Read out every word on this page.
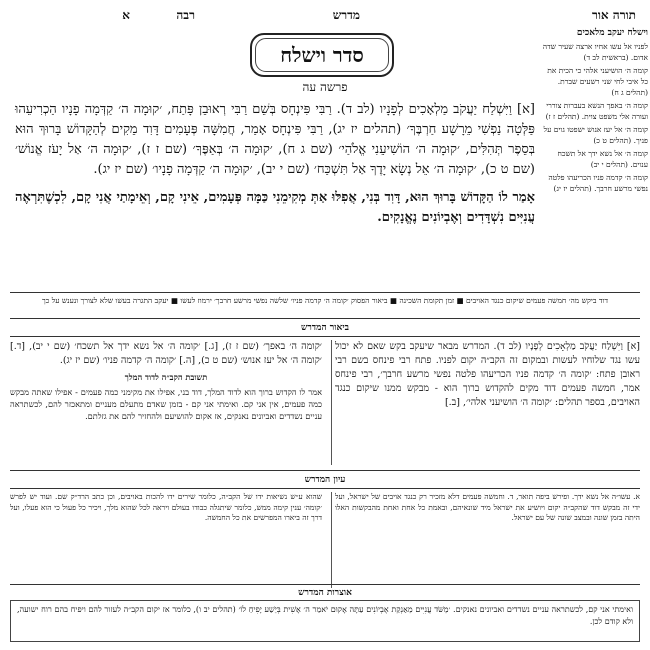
תורה אור
מדרש
רבה
א
סדר וישלח
פרשה עה
וישלח יעקב מלאכים

לפניו אל עשו אחיו ארצה שעיר שדה אדום. (בראשית לב ד)

קומה ה׳ הושיעני אלהי כי הכית את כל איבי לחי שני רשעים שברת. (תהלים ג ח)

קומה ה׳ באפך הנשא בעברות צוררי ועורה אלי משפט צוית. (תהלים ז ז)

קומה ה׳ אל יעז אנוש ישפטו גוים על פניך. (תהלים ט כ)

קומה ה׳ אל נשא ידך אל תשכח ענוים. (תהלים י יב)

קומה ה׳ קדמה פניו הכריעהו פלטה נפשי מרשע חרבך. (תהלים יז יג)

[א] וַיִּשְׁלַח יַעֲקֹב מַלְאָכִים לְפָנָיו (לב ד). רַבִּי פִּינְחָס בְּשֵׁם רַבִּי רְאוּבֵן פָּתַח, ׳קוּמָה ה׳ קַדְּמָה פָנָיו הַכְרִיעֵהוּ פַּלְּטָה נַפְשִׁי מֵרָשָׁע חַרְבֶּךָ׳ (תהלים יז יג), רַבִּי פִּינְחָס אָמַר, חֲמִשָּׁה פְּעָמִים דָּוִד מֵקִים לְהַקָּדוֹשׁ בָּרוּךְ הוּא בְּסֵפֶר תְּהִלִּים, ׳קוּמָה ה׳ הוֹשִׁיעֵנִי אֱלֹהַי׳ (שם ג ח), ׳קוּמָה ה׳ בְּאַפֶּךָ׳ (שם ז ז), ׳קוּמָה ה׳ אַל יָעֹז אֱנוֹשׁ׳ (שם ט כ), ׳קוּמָה ה׳ אֵל נְשָׂא יָדֶךָ אַל תִּשְׁכַּח׳ (שם י יב), ׳קוּמָה ה׳ קַדְּמָה פָנָיו׳ (שם יז יג).

אָמַר לוֹ הַקָּדוֹשׁ בָּרוּךְ הוּא, דָּוִד בְּנִי, אֲפִלּוּ אַתְּ מְקִימֵנִי כַּמָּה פְּעָמִים, אֵינִי קָם, וְאֵימָתַי אֲנִי קָם, לִכְשֶׁתִּרְאֶה עֲנִיִּים נִשְׁדָּדִים וְאֶבְיוֹנִים נֶאֱנָקִים.

דוד ביקש מה׳ חמשה פעמים שיקום כנגד האויבים ■ זמן תקומת השכינה ■ ביאור הפסוק ׳קומה ה׳ קדמה פניו׳ שלשה נפשי מרשע חרבך׳ ירמוז לעשו ■ יעקב התגרה בעשו שלא לצורך ונענש על כך
ביאור המדרש
[א] וַיִּשְׁלַח יַעֲקֹב מַלְאָכִים לְפָנָיו (לב ד). המדרש מבאר שיעקב בקש שאם לא יכול עשו נגד שלוחיו לעשות ובמקום זה הקב״ה יקום לפניו. פתח רבי פינחס בשם רבי ראובן פתח: ׳קומה ה׳ קדמה פניו הכריעהו פלטה נפשי מרשע חרבך׳, רבי פינחס אמר, חמשה פעמים דוד מקים להקדוש ברוך הוא - מבקש ממנו שיקום כנגד האויבים, בספר תהלים: ׳קומה ה׳ הושיעני אלהי׳, [ב.]

׳קומה ה׳ באפך׳ (שם ז ז), [ג.] ׳קומה ה׳ אל נשא ידך אל תשכח׳ (שם י יב), [ד.] ׳קומה ה׳ אל יעז אנוש׳ (שם ט כ), [ה.] ׳קומה ה׳ קדמה פניו׳ (שם יז יג).

תשובת הקב״ה לדוד המלך

אמר לו הקדוש ברוך הוא לדוד המלך, דוד בני, אפילו את מקימני כמה פעמים - אפילו שאתה מבקש כמה פעמים, אין אני קם. ואימתי אני קם - בזמן שאדם מתעלם מעניים ומתאכזר להם, לכשתראה עניים נשדדים ואביונים נאנקים, אז אקום להושיעם ולהחזיר להם את גזלתם.

עיון המדרש
א. עשו״ה אל נשא ידך. ופירש ביפה תואר, ד. וחמשה פעמים דלא מזכיר רק כנגד אויבים של ישראל, ועל ידי זה מבקש דוד שהקב״ה יקום ויושיע את ישראל מיד שונאיהם, ובאמת כל אחת ואחת מהבקשות האלו היתה בזמן שונה ובמצב שונה של עם ישראל.
שהוא ע״ש נשיאות ידו של הקב״ה, כלומר שירים ידו להכות באויבים, וכן כתב הרד״ק שם. ועוד יש לפרש ׳קומה׳ ענין קימה ממש, כלומר שיתגלה כבודו בעולם ויראה לכל שהוא מלך, ויכיר כל פעול כי הוא פעלו, ועל דרך זה ביארו המפרשים את כל החמשה.
אוצרות המדרש
ואימתי אני קם, לכשתראה עניים נשדדים ואביונים נאנקים. ׳מֵשֹּׁד עֲנִיִּים מֵאַנְקַת אֶבְיוֹנִים עַתָּה אָקוּם יֹאמַר ה׳ אָשִׁית בְּיֵשַׁע יָפִיחַ לוֹ׳ (תהלים יב ו), כלומר אז יקום הקב״ה לעזור להם ויפיח בהם רוח ישועה, ולא קודם לכן.
